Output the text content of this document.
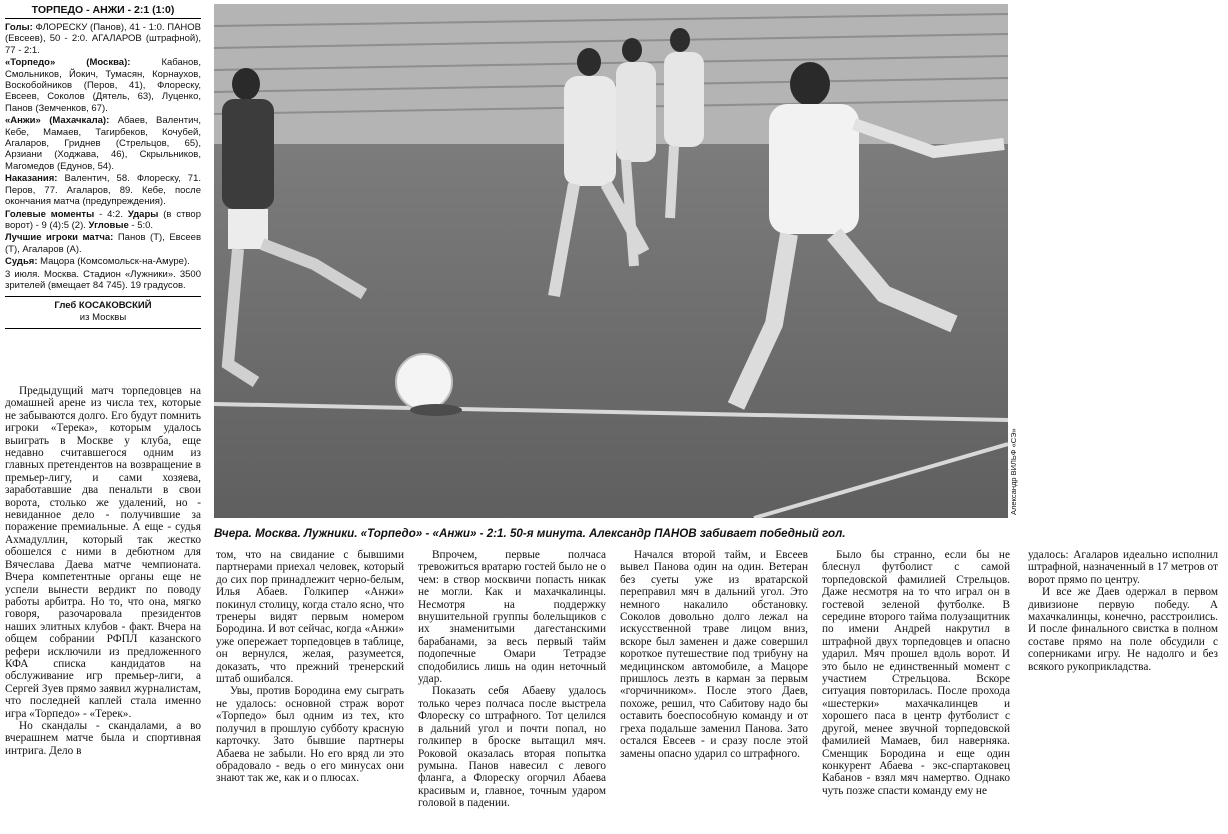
ТОРПЕДО - АНЖИ - 2:1 (1:0)

Голы: ФЛОРЕСКУ (Панов), 41 - 1:0. ПАНОВ (Евсеев), 50 - 2:0. АГАЛАРОВ (штрафной), 77 - 2:1.

«Торпедо» (Москва): Кабанов, Смольников, Йокич, Тумасян, Корнаухов, Воскобойников (Перов, 41), Флореску, Евсеев, Соколов (Дятель, 63), Луценко, Панов (Земченков, 67).

«Анжи» (Махачкала): Абаев, Валентич, Кебе, Мамаев, Тагирбеков, Кочубей, Агаларов, Гриднев (Стрельцов, 65), Арзиани (Ходжава, 46), Скрыльников, Магомедов (Едунов, 54).

Наказания: Валентич, 58. Флореску, 71. Перов, 77. Агаларов, 89. Кебе, после окончания матча (предупреждения).

Голевые моменты - 4:2. Удары (в створ ворот) - 9 (4):5 (2). Угловые - 5:0.

Лучшие игроки матча: Панов (Т), Евсеев (Т), Агаларов (А).

Судья: Мацора (Комсомольск-на-Амуре).

3 июля. Москва. Стадион «Лужники». 3500 зрителей (вмещает 84 745). 19 градусов.

Глеб КОСАКОВСКИЙ
из Москвы

Предыдущий матч торпедовцев на домашней арене из числа тех, которые не забываются долго. Его будут помнить игроки «Терека», которым удалось выиграть в Москве у клуба, еще недавно считавшегося одним из главных претендентов на возвращение в премьер-лигу, и сами хозяева, заработавшие два пенальти в свои ворота, столько же удалений, но - невиданное дело - получившие за поражение премиальные. А еще - судья Ахмадуллин, который так жестко обошелся с ними в дебютном для Вячеслава Даева матче чемпионата. Вчера компетентные органы еще не успели вынести вердикт по поводу работы арбитра. Но то, что она, мягко говоря, разочаровала президентов наших элитных клубов - факт. Вчера на общем собрании РФПЛ казанского рефери исключили из предложенного КФА списка кандидатов на обслуживание игр премьер-лиги, а Сергей Зуев прямо заявил журналистам, что последней каплей стала именно игра «Торпедо» - «Терек».

Но скандалы - скандалами, а во вчерашнем матче была и спортивная интрига. Дело в

Александр ВИЛЬФ «СЭ»
Вчера. Москва. Лужники. «Торпедо» - «Анжи» - 2:1. 50-я минута. Александр ПАНОВ забивает победный гол.

том, что на свидание с бывшими партнерами приехал человек, который до сих пор принадлежит черно-белым, Илья Абаев. Голкипер «Анжи» покинул столицу, когда стало ясно, что тренеры видят первым номером Бородина. И вот сейчас, когда «Анжи» уже опережает торпедовцев в таблице, он вернулся, желая, разумеется, доказать, что прежний тренерский штаб ошибался.

Увы, против Бородина ему сыграть не удалось: основной страж ворот «Торпедо» был одним из тех, кто получил в прошлую субботу красную карточку. Зато бывшие партнеры Абаева не забыли. Но его вряд ли это обрадовало - ведь о его минусах они знают так же, как и о плюсах.

Впрочем, первые полчаса тревожиться вратарю гостей было не о чем: в створ москвичи попасть никак не могли. Как и махачкалинцы. Несмотря на поддержку внушительной группы болельщиков с их знаменитыми дагестанскими барабанами, за весь первый тайм подопечные Омари Тетрадзе сподобились лишь на один неточный удар.

Показать себя Абаеву удалось только через полчаса после выстрела Флореску со штрафного. Тот целился в дальний угол и почти попал, но голкипер в броске вытащил мяч. Роковой оказалась вторая попытка румына. Панов навесил с левого фланга, а Флореску огорчил Абаева красивым и, главное, точным ударом головой в падении.

Начался второй тайм, и Евсеев вывел Панова один на один. Ветеран без суеты уже из вратарской переправил мяч в дальний угол. Это немного накалило обстановку. Соколов довольно долго лежал на искусственной траве лицом вниз, вскоре был заменен и даже совершил короткое путешествие под трибуну на медицинском автомобиле, а Мацоре пришлось лезть в карман за первым «горчичником». После этого Даев, похоже, решил, что Сабитову надо бы оставить боеспособную команду и от греха подальше заменил Панова. Зато остался Евсеев - и сразу после этой замены опасно ударил со штрафного.

Было бы странно, если бы не блеснул футболист с самой торпедовской фамилией Стрельцов. Даже несмотря на то что играл он в гостевой зеленой футболке. В середине второго тайма полузащитник по имени Андрей накрутил в штрафной двух торпедовцев и опасно ударил. Мяч прошел вдоль ворот. И это было не единственный момент с участием Стрельцова. Вскоре ситуация повторилась. После прохода «шестерки» махачкалинцев и хорошего паса в центр футболист с другой, менее звучной торпедовской фамилией Мамаев, бил наверняка. Сменщик Бородина и еще один конкурент Абаева - экс-спартаковец Кабанов - взял мяч намертво. Однако чуть позже спасти команду ему не

удалось: Агаларов идеально исполнил штрафной, назначенный в 17 метров от ворот прямо по центру.

И все же Даев одержал в первом дивизионе первую победу. А махачкалинцы, конечно, расстроились. И после финального свистка в полном составе прямо на поле обсудили с соперниками игру. Не надолго и без всякого рукоприкладства.
